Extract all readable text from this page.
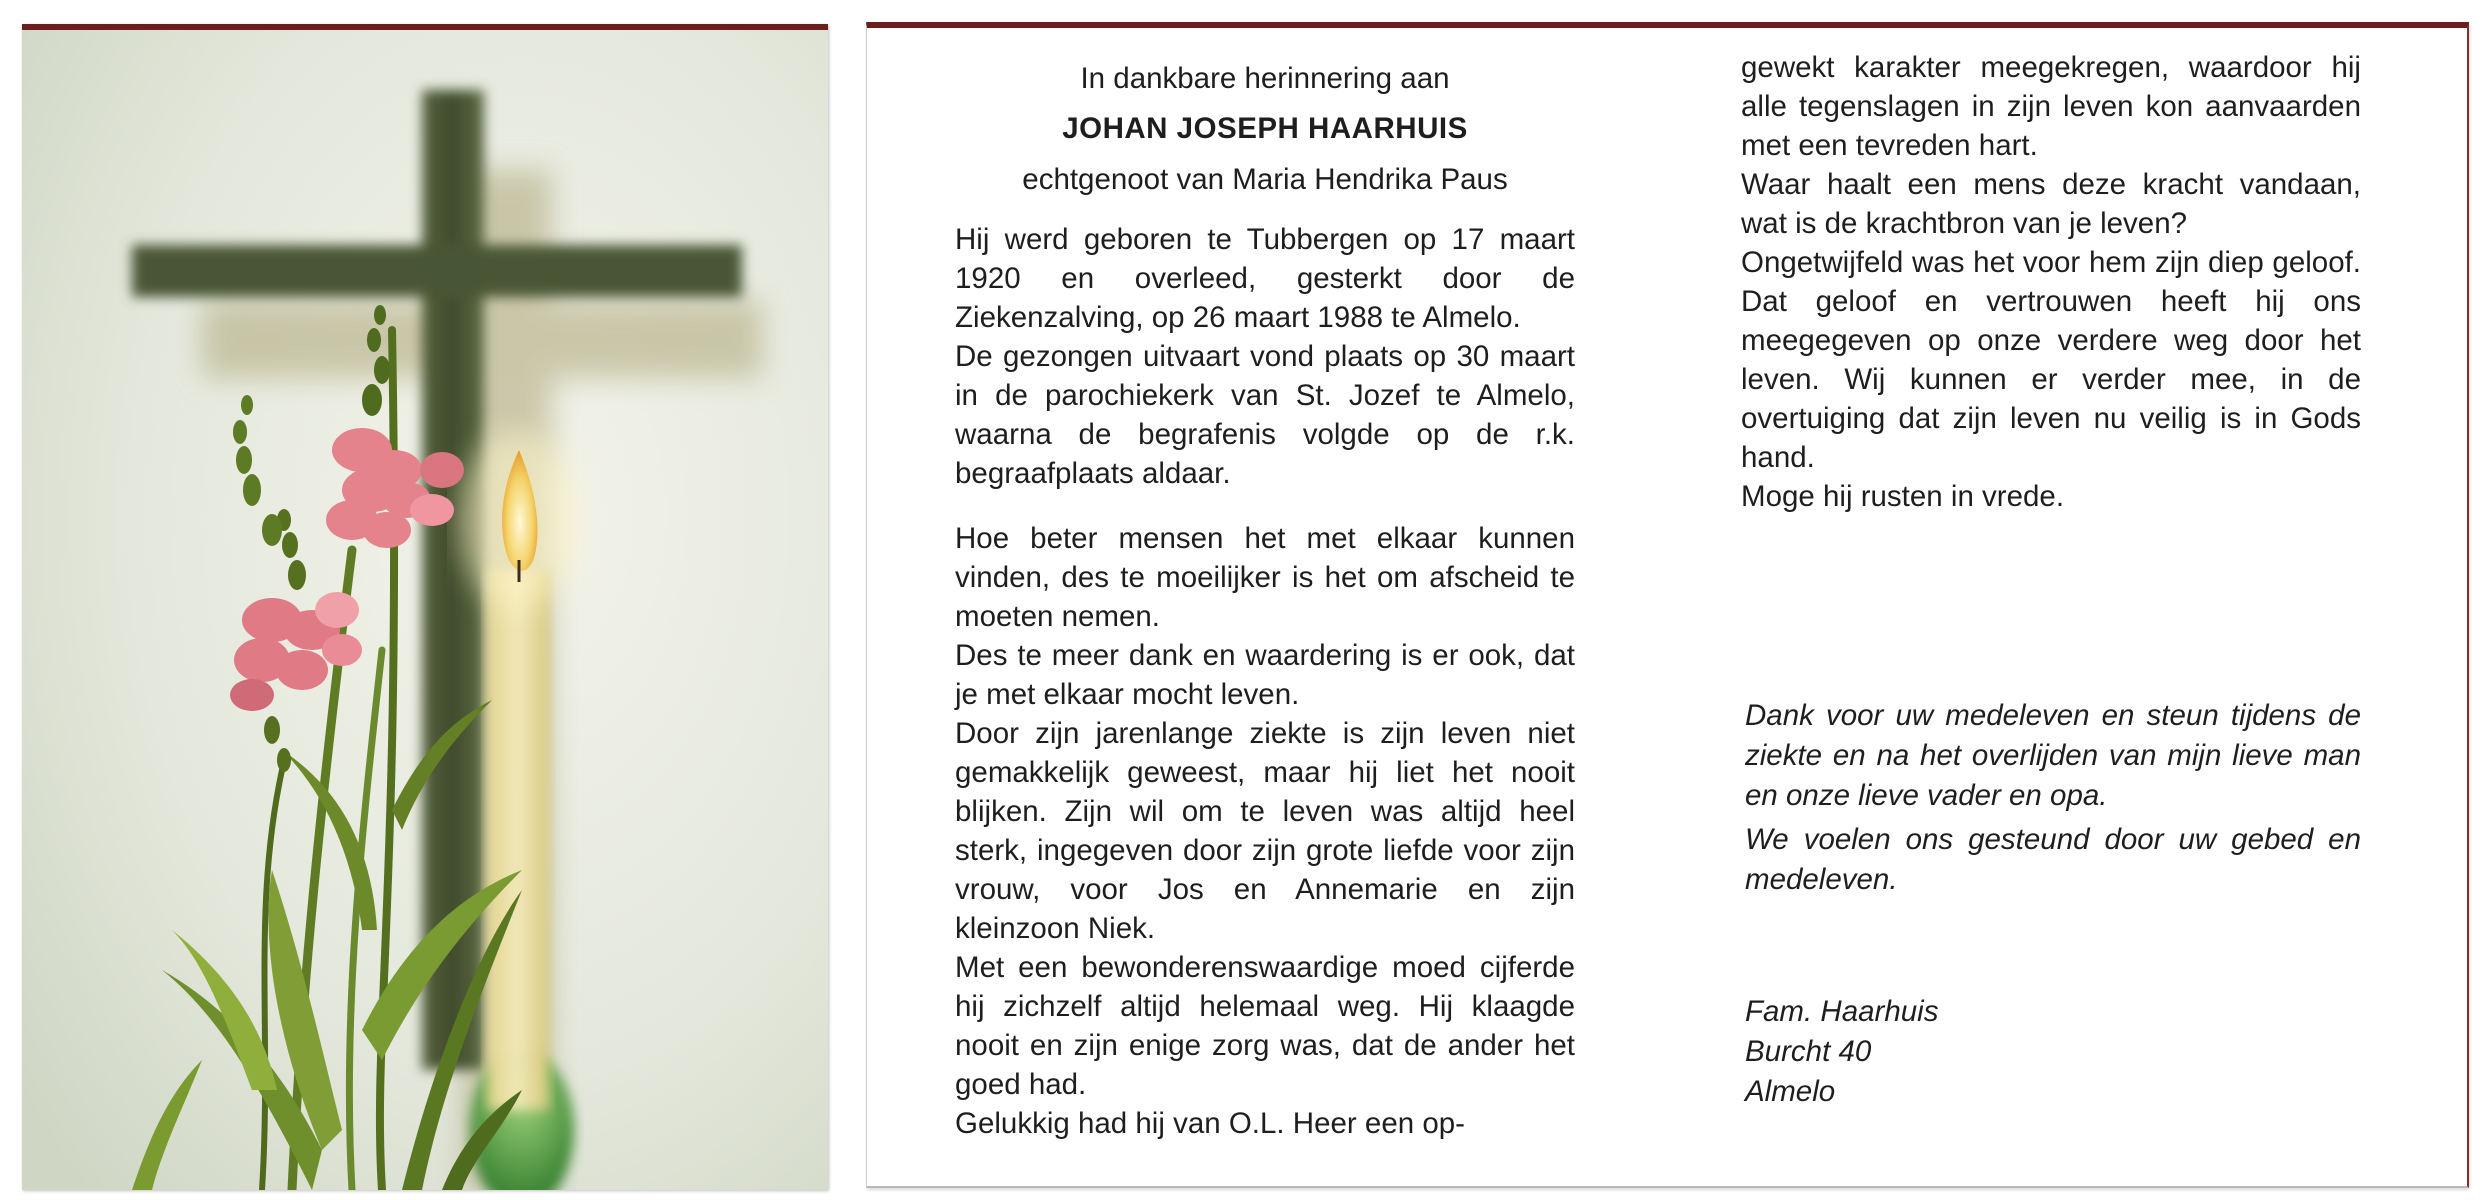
In dankbare herinnering aan
JOHAN JOSEPH HAARHUIS
echtgenoot van Maria Hendrika Paus

Hij werd geboren te Tubbergen op 17 maart 1920 en overleed, gesterkt door de Ziekenzalving, op 26 maart 1988 te Almelo.

De gezongen uitvaart vond plaats op 30 maart in de parochiekerk van St. Jozef te Almelo, waarna de begrafenis volgde op de r.k. begraafplaats aldaar.

Hoe beter mensen het met elkaar kunnen vinden, des te moeilijker is het om afscheid te moeten nemen.

Des te meer dank en waardering is er ook, dat je met elkaar mocht leven.

Door zijn jarenlange ziekte is zijn leven niet gemakkelijk geweest, maar hij liet het nooit blijken. Zijn wil om te leven was altijd heel sterk, ingegeven door zijn grote liefde voor zijn vrouw, voor Jos en Annemarie en zijn kleinzoon Niek.

Met een bewonderenswaardige moed cijferde hij zichzelf altijd helemaal weg. Hij klaagde nooit en zijn enige zorg was, dat de ander het goed had.

Gelukkig had hij van O.L. Heer een op-

gewekt karakter meegekregen, waardoor hij alle tegenslagen in zijn leven kon aanvaarden met een tevreden hart.

Waar haalt een mens deze kracht vandaan, wat is de krachtbron van je leven?

Ongetwijfeld was het voor hem zijn diep geloof. Dat geloof en vertrouwen heeft hij ons meegegeven op onze verdere weg door het leven. Wij kunnen er verder mee, in de overtuiging dat zijn leven nu veilig is in Gods hand.

Moge hij rusten in vrede.

Dank voor uw medeleven en steun tijdens de ziekte en na het overlijden van mijn lieve man en onze lieve vader en opa.

We voelen ons gesteund door uw gebed en medeleven.

Fam. Haarhuis
Burcht 40
Almelo
